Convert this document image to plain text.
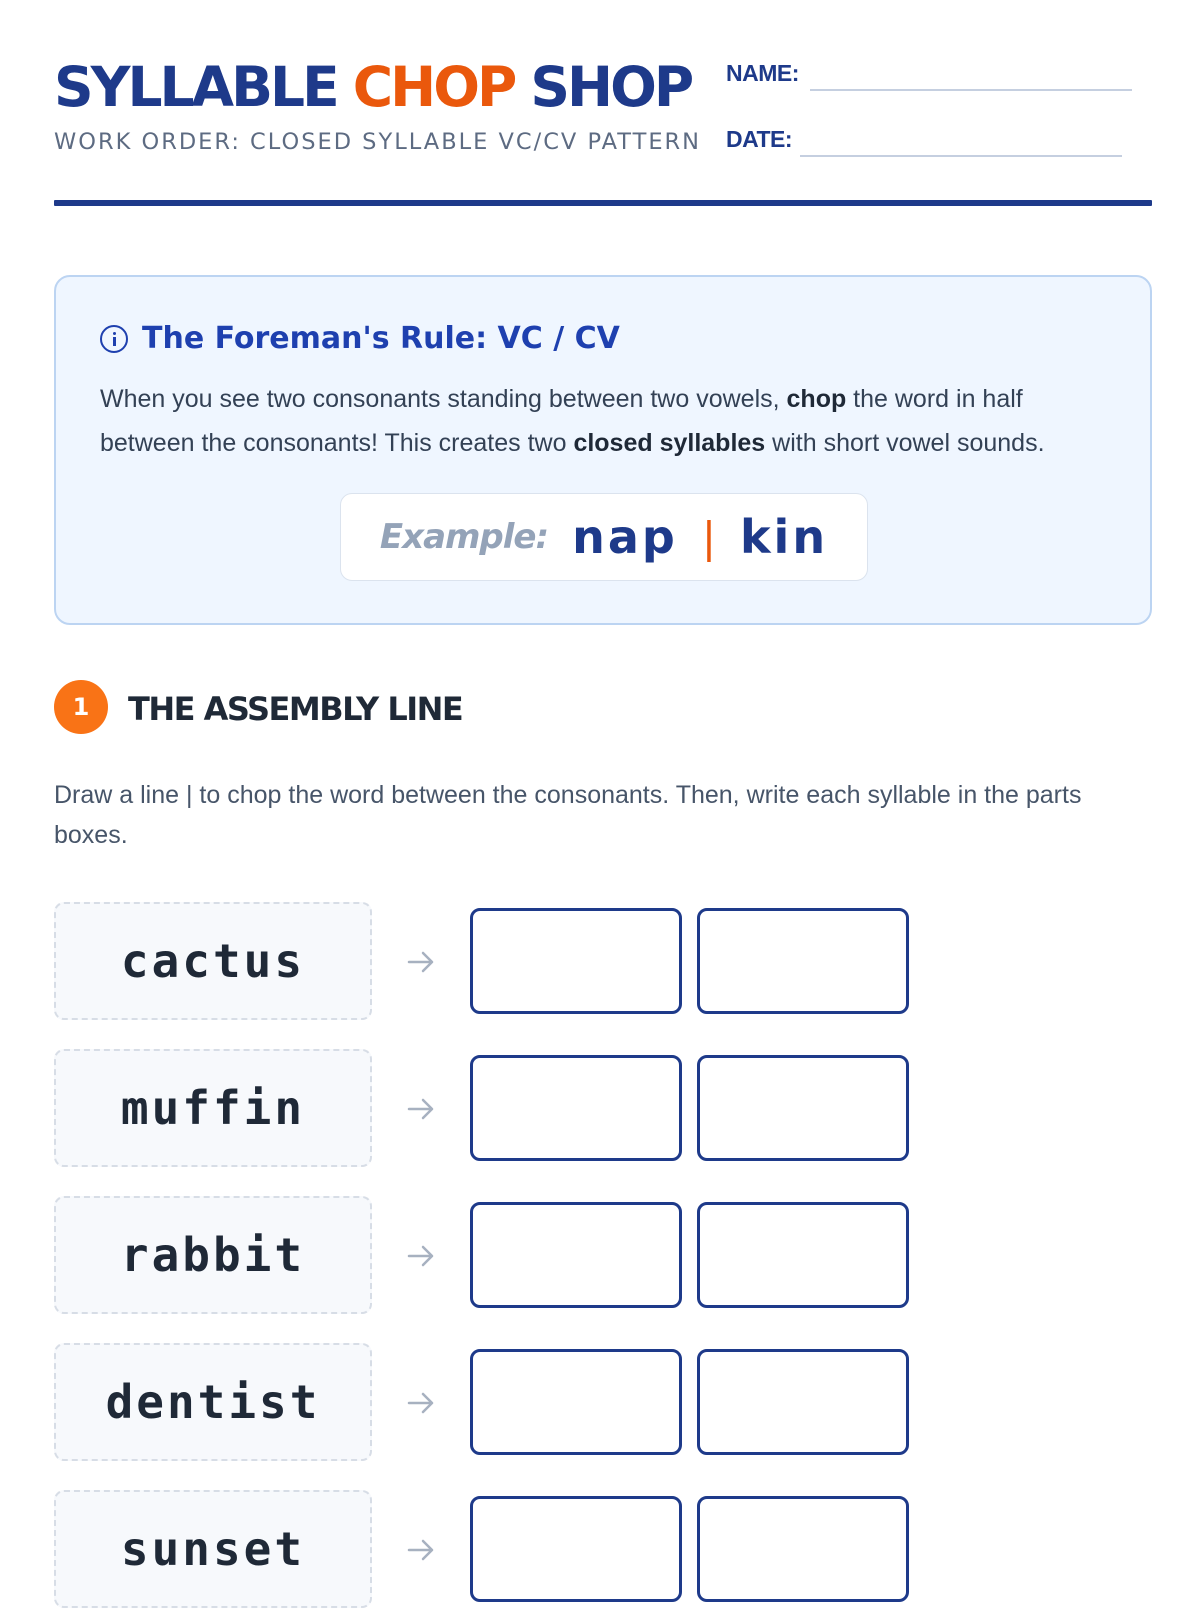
SYLLABLE CHOP SHOP
WORK ORDER: CLOSED SYLLABLE VC/CV PATTERN
NAME:
DATE:
The Foreman's Rule: VC / CV
When you see two consonants standing between two vowels, chop the word in half between the consonants! This creates two closed syllables with short vowel sounds.
Example: nap | kin
1	THE ASSEMBLY LINE
Draw a line | to chop the word between the consonants. Then, write each syllable in the parts boxes.
cactus
muffin
rabbit
dentist
sunset
